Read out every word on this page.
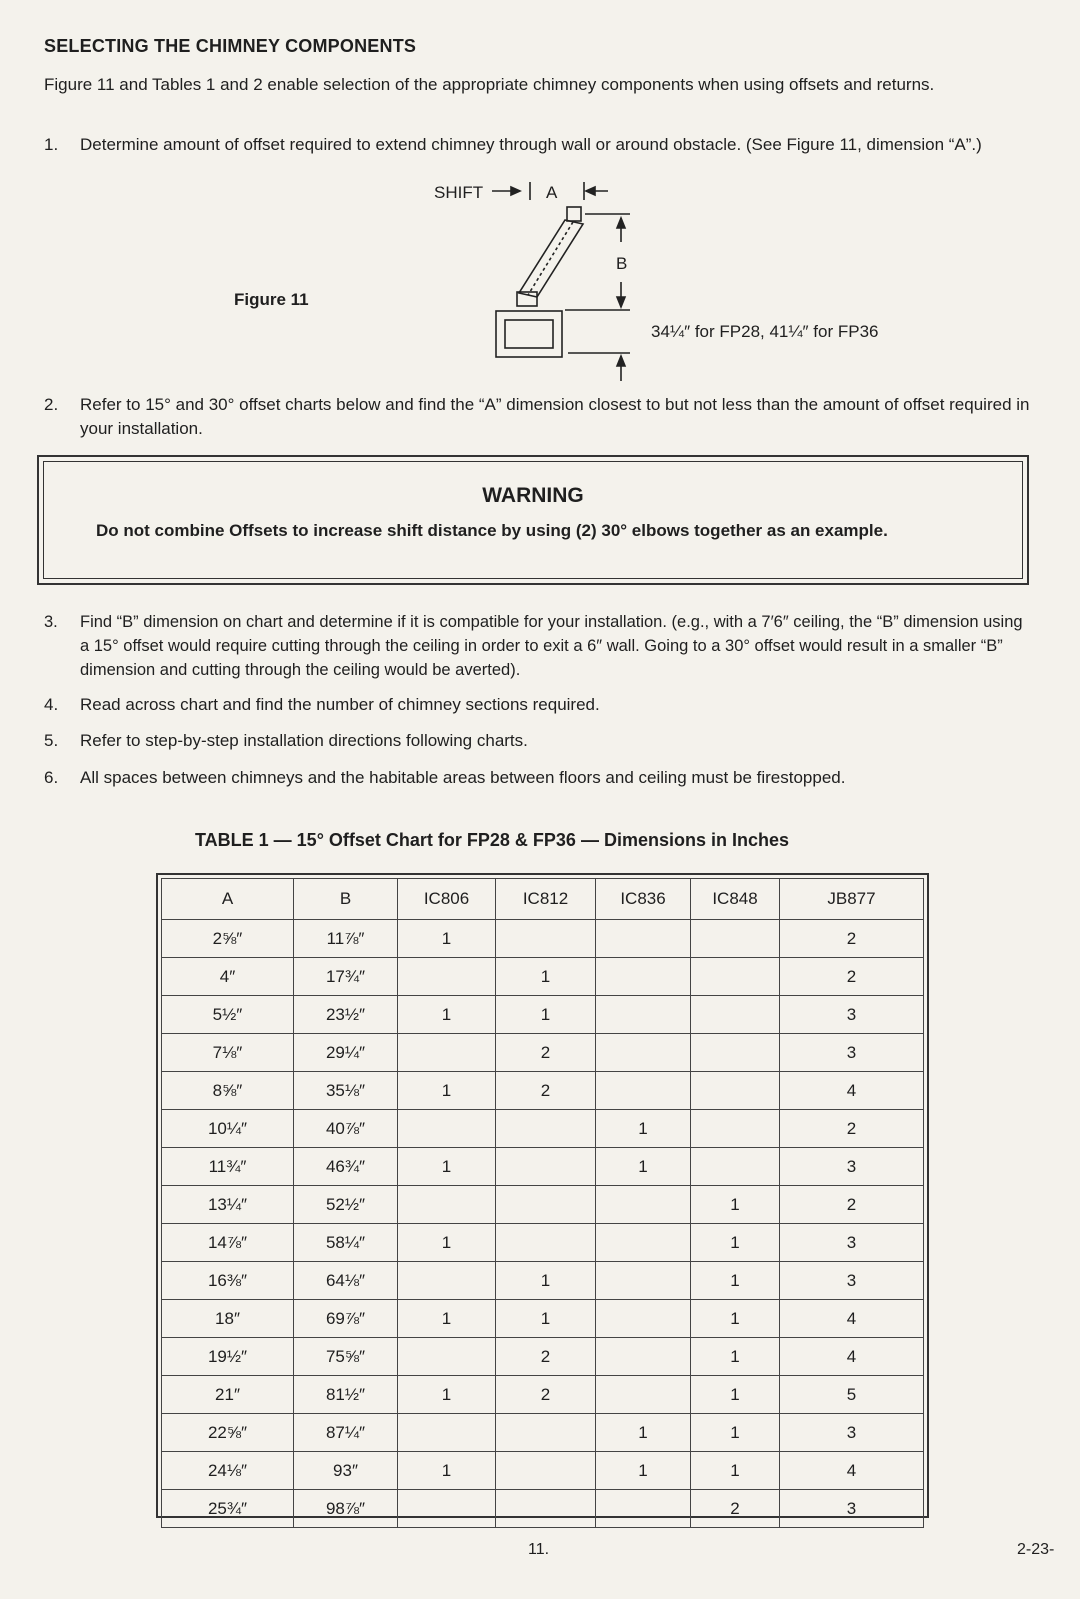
SELECTING THE CHIMNEY COMPONENTS
Figure 11 and Tables 1 and 2 enable selection of the appropriate chimney components when using offsets and returns.
1.	Determine amount of offset required to extend chimney through wall or around obstacle. (See Figure 11, dimension “A”.)
SHIFT	A
B
Figure 11
34¼″ for FP28, 41¼″ for FP36
2.	Refer to 15° and 30° offset charts below and find the “A” dimension closest to but not less than the amount of offset required in your installation.
WARNING
Do not combine Offsets to increase shift distance by using (2) 30° elbows together as an example.
3.	Find “B” dimension on chart and determine if it is compatible for your installation. (e.g., with a 7′6″ ceiling, the “B” dimension using a 15° offset would require cutting through the ceiling in order to exit a 6″ wall. Going to a 30° offset would result in a smaller “B” dimension and cutting through the ceiling would be averted).
4.	Read across chart and find the number of chimney sections required.
5.	Refer to step-by-step installation directions following charts.
6.	All spaces between chimneys and the habitable areas between floors and ceiling must be firestopped.
TABLE 1 — 15° Offset Chart for FP28 & FP36 — Dimensions in Inches
A	B	IC806	IC812	IC836	IC848	JB877
2⅝″	11⅞″	1				2
4″	17¾″		1			2
5½″	23½″	1	1			3
7⅛″	29¼″		2			3
8⅝″	35⅛″	1	2			4
10¼″	40⅞″			1		2
11¾″	46¾″	1		1		3
13¼″	52½″				1	2
14⅞″	58¼″	1			1	3
16⅜″	64⅛″		1		1	3
18″	69⅞″	1	1		1	4
19½″	75⅝″		2		1	4
21″	81½″	1	2		1	5
22⅝″	87¼″			1	1	3
24⅛″	93″	1		1	1	4
25¾″	98⅞″				2	3
11.	2-23-
